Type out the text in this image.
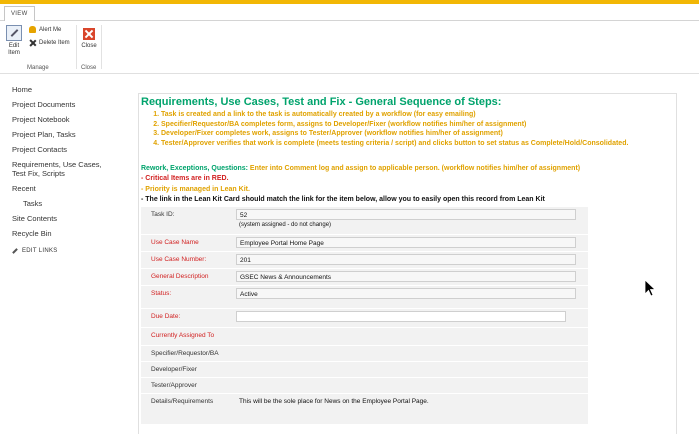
VIEW
Edit Item
Alert Me
Delete Item
Manage
Close
Close
Home
Project Documents
Project Notebook
Project Plan, Tasks
Project Contacts
Requirements, Use Cases, Test Fix, Scripts
Recent
Tasks
Site Contents
Recycle Bin
EDIT LINKS
Requirements, Use Cases, Test and Fix - General Sequence of Steps:
1. Task is created and a link to the task is automatically created by a workflow (for easy emailing)
2. Specifier/Requestor/BA completes form, assigns to Developer/Fixer (workflow notifies him/her of assignment)
3. Developer/Fixer completes work, assigns to Tester/Approver (workflow notifies him/her of assignment)
4. Tester/Approver verifies that work is complete (meets testing criteria / script) and clicks button to set status as Complete/Hold/Consolidated.
Rework, Exceptions, Questions: Enter into Comment log and assign to applicable person. (workflow notifies him/her of assignment)
- Critical Items are in RED.
- Priority is managed in Lean Kit.
- The link in the Lean Kit Card should match the link for the item below, allow you to easily open this record from Lean Kit
Task ID:	52
(system assigned - do not change)
Use Case Name	Employee Portal Home Page
Use Case Number:	201
General Description	GSEC News & Announcements
Status:	Active
Due Date:
Currently Assigned To
Specifier/Requestor/BA
Developer/Fixer
Tester/Approver
Details/Requirements	This will be the sole place for News on the Employee Portal Page.
